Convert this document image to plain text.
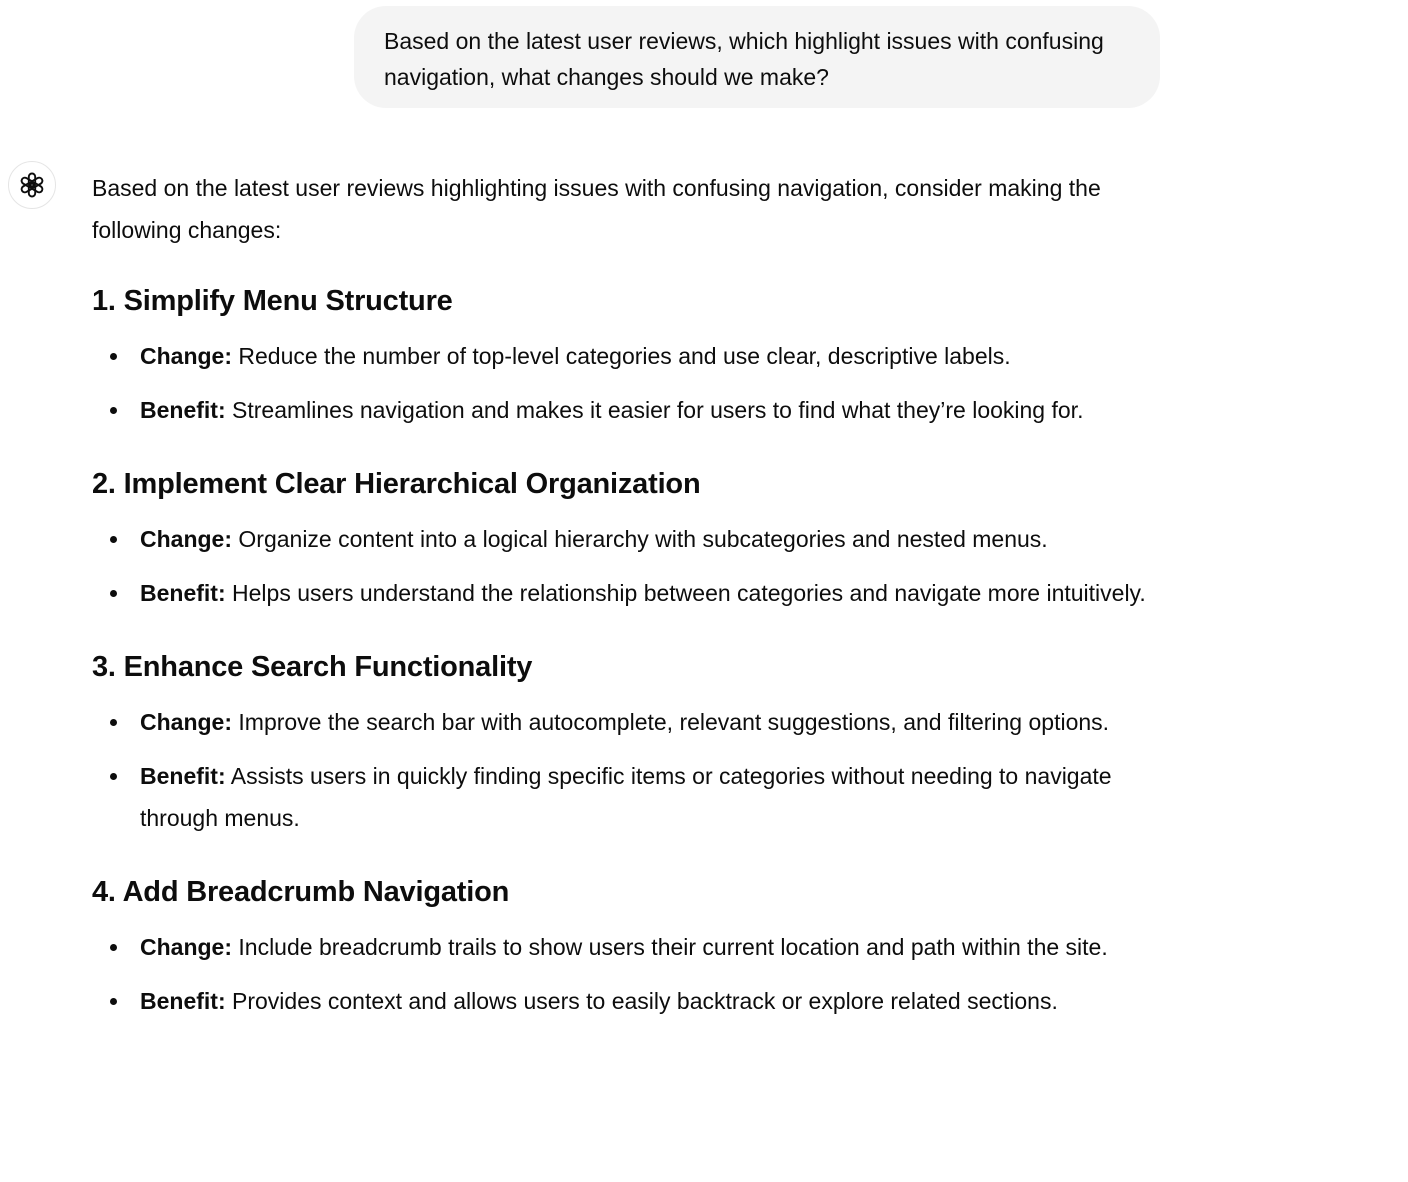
Based on the latest user reviews, which highlight issues with confusing navigation, what changes should we make?

Based on the latest user reviews highlighting issues with confusing navigation, consider making the following changes:

1. Simplify Menu Structure
Change: Reduce the number of top-level categories and use clear, descriptive labels.
Benefit: Streamlines navigation and makes it easier for users to find what they’re looking for.
2. Implement Clear Hierarchical Organization
Change: Organize content into a logical hierarchy with subcategories and nested menus.
Benefit: Helps users understand the relationship between categories and navigate more intuitively.
3. Enhance Search Functionality
Change: Improve the search bar with autocomplete, relevant suggestions, and filtering options.
Benefit: Assists users in quickly finding specific items or categories without needing to navigate through menus.
4. Add Breadcrumb Navigation
Change: Include breadcrumb trails to show users their current location and path within the site.
Benefit: Provides context and allows users to easily backtrack or explore related sections.
